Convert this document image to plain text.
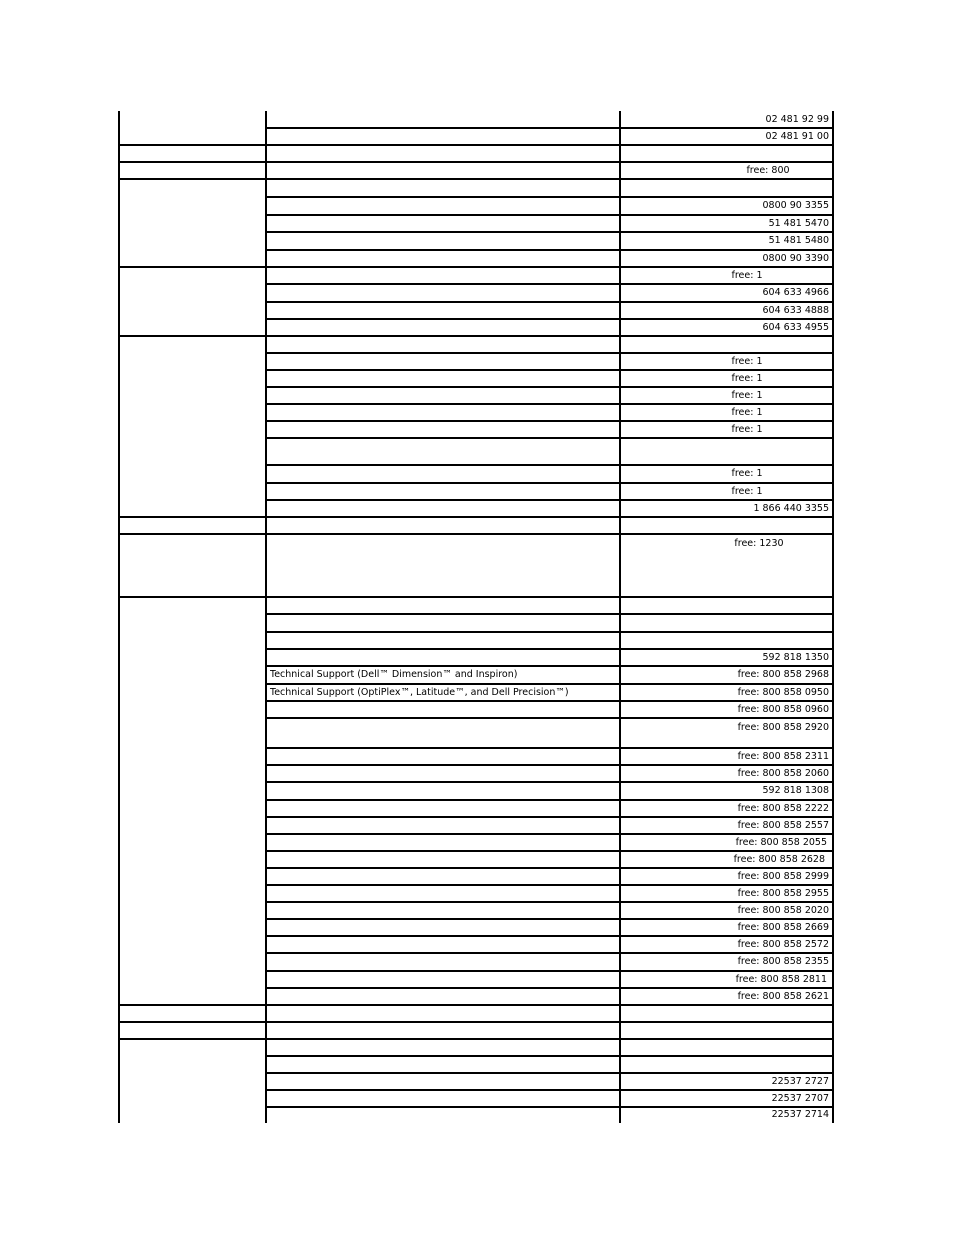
02 481 92 99
02 481 91 00
free: 800
0800 90 3355
51 481 5470
51 481 5480
0800 90 3390
free: 1
604 633 4966
604 633 4888
604 633 4955
free: 1
free: 1
free: 1
free: 1
free: 1
free: 1
free: 1
1 866 440 3355
free: 1230
592 818 1350
Technical Support (Dell™ Dimension™ and Inspiron)	free: 800 858 2968
Technical Support (OptiPlex™, Latitude™, and Dell Precision™)	free: 800 858 0950
free: 800 858 0960
free: 800 858 2920
free: 800 858 2311
free: 800 858 2060
592 818 1308
free: 800 858 2222
free: 800 858 2557
free: 800 858 2055
free: 800 858 2628
free: 800 858 2999
free: 800 858 2955
free: 800 858 2020
free: 800 858 2669
free: 800 858 2572
free: 800 858 2355
free: 800 858 2811
free: 800 858 2621
22537 2727
22537 2707
22537 2714
